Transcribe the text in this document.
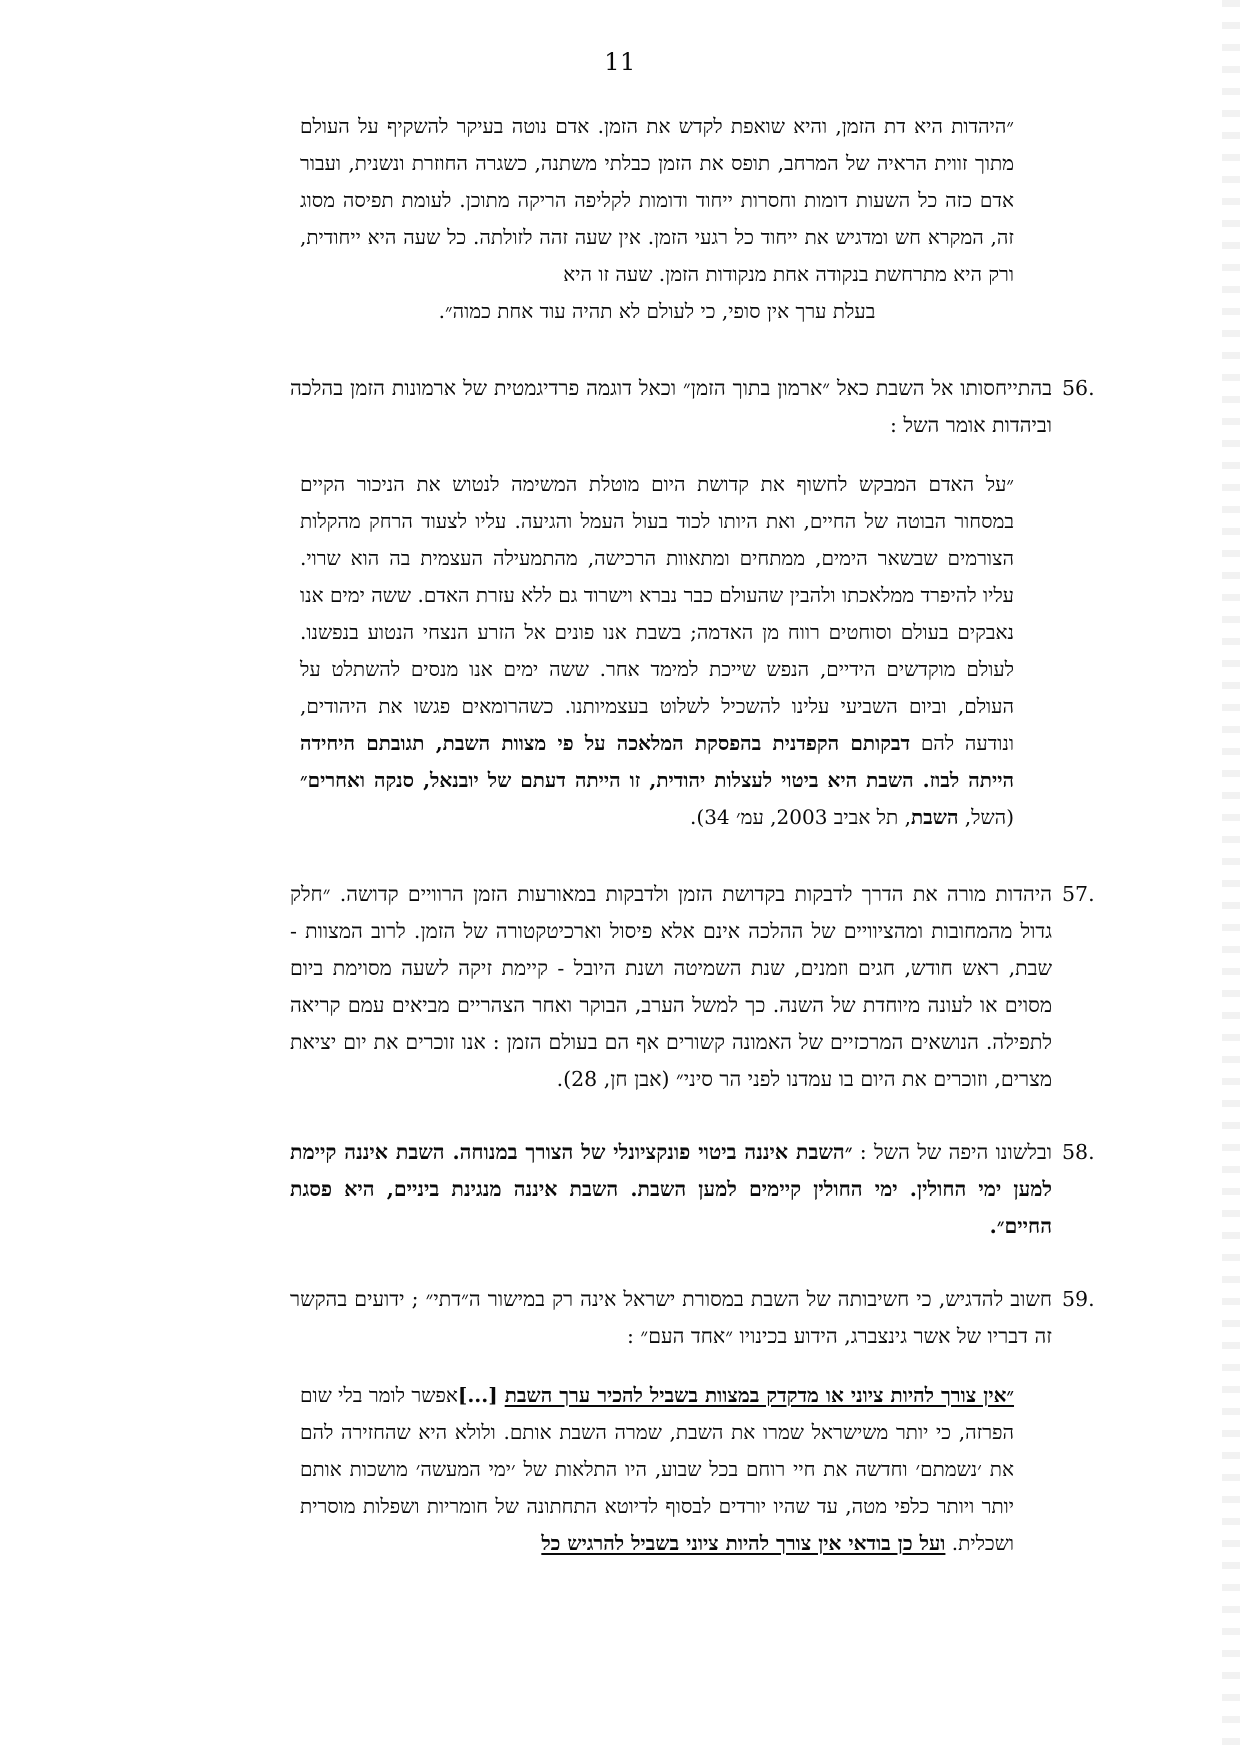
11

״היהדות היא דת הזמן, והיא שואפת לקדש את הזמן. אדם נוטה בעיקר להשקיף על העולם מתוך זווית הראיה של המרחב, תופס את הזמן כבלתי משתנה, כשגרה החוזרת ונשנית, ועבור אדם כזה כל השעות דומות וחסרות ייחוד ודומות לקליפה הריקה מתוכן. לעומת תפיסה מסוג זה, המקרא חש ומדגיש את ייחוד כל רגעי הזמן. אין שעה זהה לזולתה. כל שעה היא ייחודית, ורק היא מתרחשת בנקודה אחת מנקודות הזמן. שעה זו היא

בעלת ערך אין סופי, כי לעולם לא תהיה עוד אחת כמוה״.

56.

בהתייחסותו אל השבת כאל ״ארמון בתוך הזמן״ וכאל דוגמה פרדיגמטית של ארמונות הזמן בהלכה וביהדות אומר השל :

״על האדם המבקש לחשוף את קדושת היום מוטלת המשימה לנטוש את הניכור הקיים במסחור הבוטה של החיים, ואת היותו לכוד בעול העמל והגיעה. עליו לצעוד הרחק מהקלות הצורמים שבשאר הימים, ממתחים ומתאוות הרכישה, מהתמעילה העצמית בה הוא שרוי. עליו להיפרד ממלאכתו ולהבין שהעולם כבר נברא וישרוד גם ללא עזרת האדם. ששה ימים אנו נאבקים בעולם וסוחטים רווח מן האדמה; בשבת אנו פונים אל הזרע הנצחי הנטוע בנפשנו. לעולם מוקדשים הידיים, הנפש שייכת למימד אחר. ששה ימים אנו מנסים להשתלט על העולם, וביום השביעי עלינו להשכיל לשלוט בעצמיותנו. כשהרומאים פגשו את היהודים, ונודעה להם דבקותם הקפדנית בהפסקת המלאכה על פי מצוות השבת, תגובתם היחידה הייתה לבוז. השבת היא ביטוי לעצלות יהודית, זו הייתה דעתם של יובנאל, סנקה ואחרים״ (השל, השבת, תל אביב 2003, עמ׳ 34).

57.

היהדות מורה את הדרך לדבקות בקדושת הזמן ולדבקות במאורעות הזמן הרוויים קדושה. ״חלק גדול מהמחובות ומהציוויים של ההלכה אינם אלא פיסול וארכיטקטורה של הזמן. לרוב המצוות - שבת, ראש חודש, חגים וזמנים, שנת השמיטה ושנת היובל - קיימת זיקה לשעה מסוימת ביום מסוים או לעונה מיוחדת של השנה. כך למשל הערב, הבוקר ואחר הצהריים מביאים עמם קריאה לתפילה. הנושאים המרכזיים של האמונה קשורים אף הם בעולם הזמן : אנו זוכרים את יום יציאת מצרים, וזוכרים את היום בו עמדנו לפני הר סיני״ (אבן חן, 28).

58.

ובלשונו היפה של השל : ״השבת איננה ביטוי פונקציונלי של הצורך במנוחה. השבת איננה קיימת למען ימי החולין. ימי החולין קיימים למען השבת. השבת איננה מנגינת ביניים, היא פסגת החיים״.

59.

חשוב להדגיש, כי חשיבותה של השבת במסורת ישראל אינה רק במישור ה״דתי״ ; ידועים בהקשר זה דבריו של אשר גינצברג, הידוע בכינויו ״אחד העם״ :

״אין צורך להיות ציוני או מדקדק במצוות בשביל להכיר ערך השבת [...]אפשר לומר בלי שום הפרזה, כי יותר משישראל שמרו את השבת, שמרה השבת אותם. ולולא היא שהחזירה להם את ׳נשמתם׳ וחדשה את חיי רוחם בכל שבוע, היו התלאות של ׳ימי המעשה׳ מושכות אותם יותר ויותר כלפי מטה, עד שהיו יורדים לבסוף לדיוטא התחתונה של חומריות ושפלות מוסרית ושכלית. ועל כן בודאי אין צורך להיות ציוני בשביל להרגיש כל
